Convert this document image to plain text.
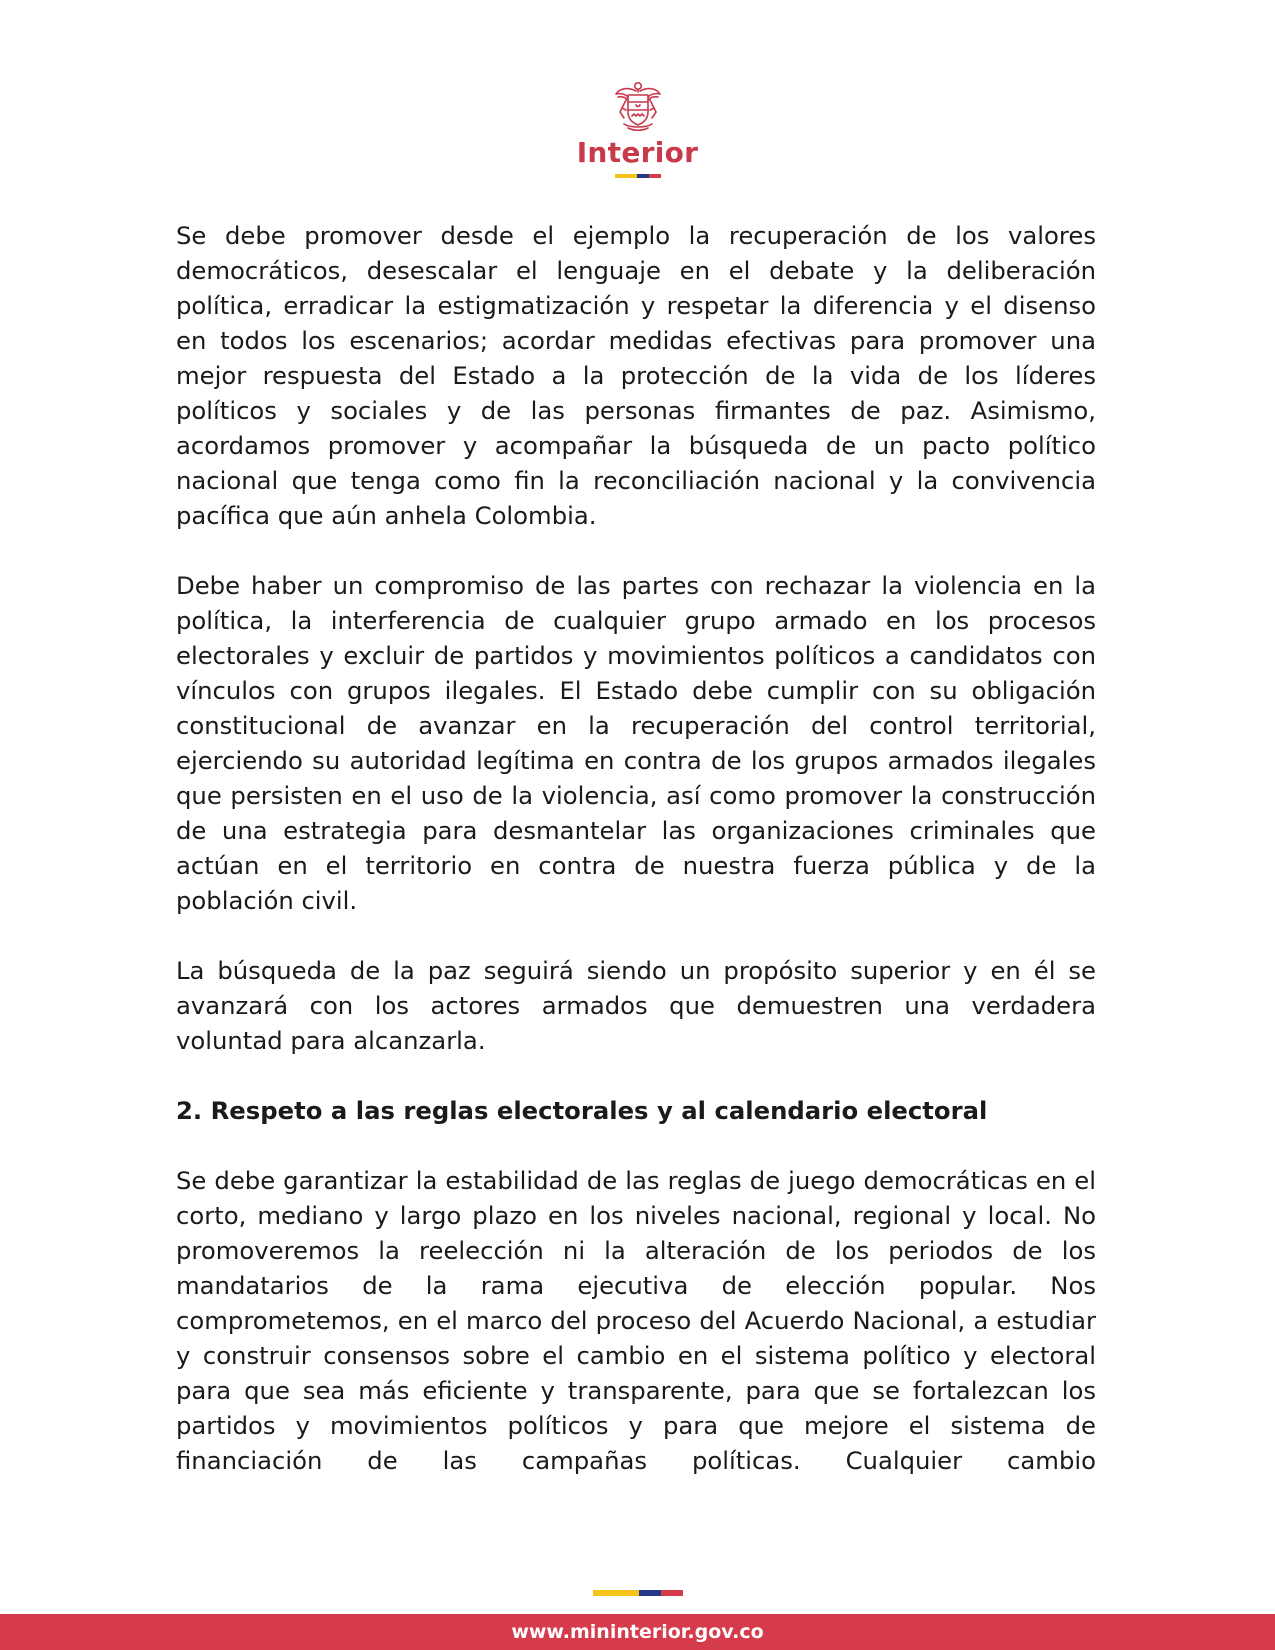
Interior

Se debe promover desde el ejemplo la recuperación de los valores democráticos, desescalar el lenguaje en el debate y la deliberación política, erradicar la estigmatización y respetar la diferencia y el disenso en todos los escenarios; acordar medidas efectivas para promover una mejor respuesta del Estado a la protección de la vida de los líderes políticos y sociales y de las personas firmantes de paz. Asimismo, acordamos promover y acompañar la búsqueda de un pacto político nacional que tenga como fin la reconciliación nacional y la convivencia pacífica que aún anhela Colombia.

Debe haber un compromiso de las partes con rechazar la violencia en la política, la interferencia de cualquier grupo armado en los procesos electorales y excluir de partidos y movimientos políticos a candidatos con vínculos con grupos ilegales. El Estado debe cumplir con su obligación constitucional de avanzar en la recuperación del control territorial, ejerciendo su autoridad legítima en contra de los grupos armados ilegales que persisten en el uso de la violencia, así como promover la construcción de una estrategia para desmantelar las organizaciones criminales que actúan en el territorio en contra de nuestra fuerza pública y de la población civil.

La búsqueda de la paz seguirá siendo un propósito superior y en él se avanzará con los actores armados que demuestren una verdadera voluntad para alcanzarla.

2. Respeto a las reglas electorales y al calendario electoral

Se debe garantizar la estabilidad de las reglas de juego democráticas en el corto, mediano y largo plazo en los niveles nacional, regional y local. No promoveremos la reelección ni la alteración de los periodos de los mandatarios de la rama ejecutiva de elección popular. Nos comprometemos, en el marco del proceso del Acuerdo Nacional, a estudiar y construir consensos sobre el cambio en el sistema político y electoral para que sea más eficiente y transparente, para que se fortalezcan los partidos y movimientos políticos y para que mejore el sistema de financiación de las campañas políticas. Cualquier cambio

www.mininterior.gov.co
